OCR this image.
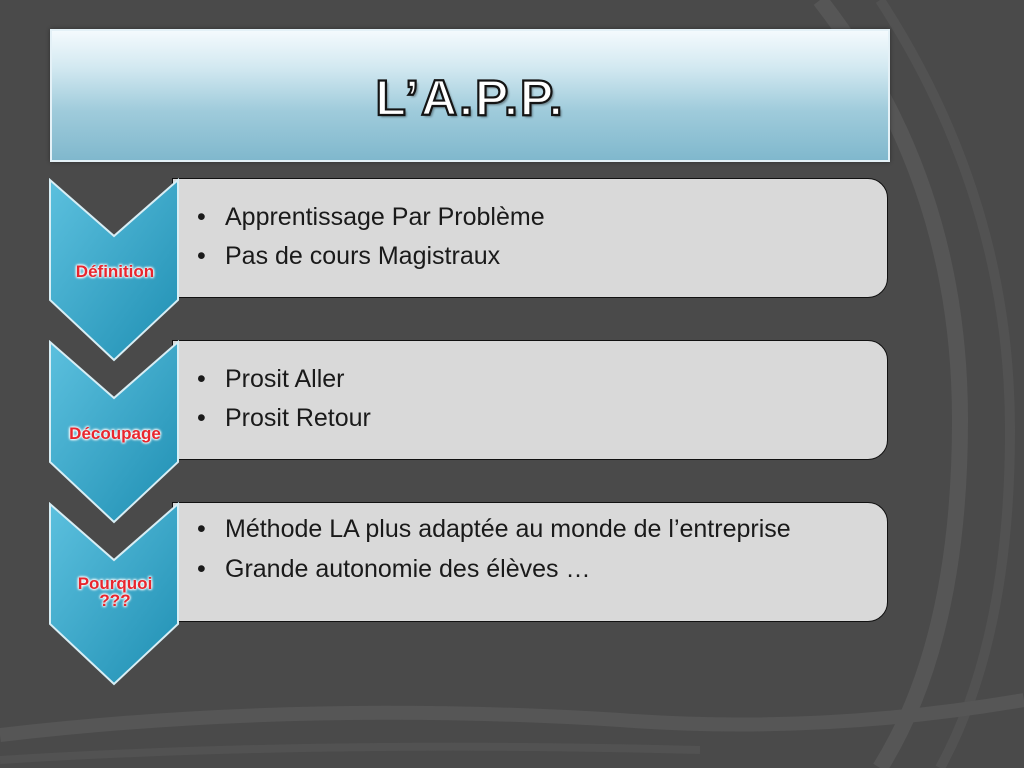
L’A.P.P.
• Apprentissage Par Problème
• Pas de cours Magistraux
Définition
• Prosit Aller
• Prosit Retour
Découpage
• Méthode LA plus adaptée au monde de l’entreprise
• Grande autonomie des élèves …
Pourquoi
???
